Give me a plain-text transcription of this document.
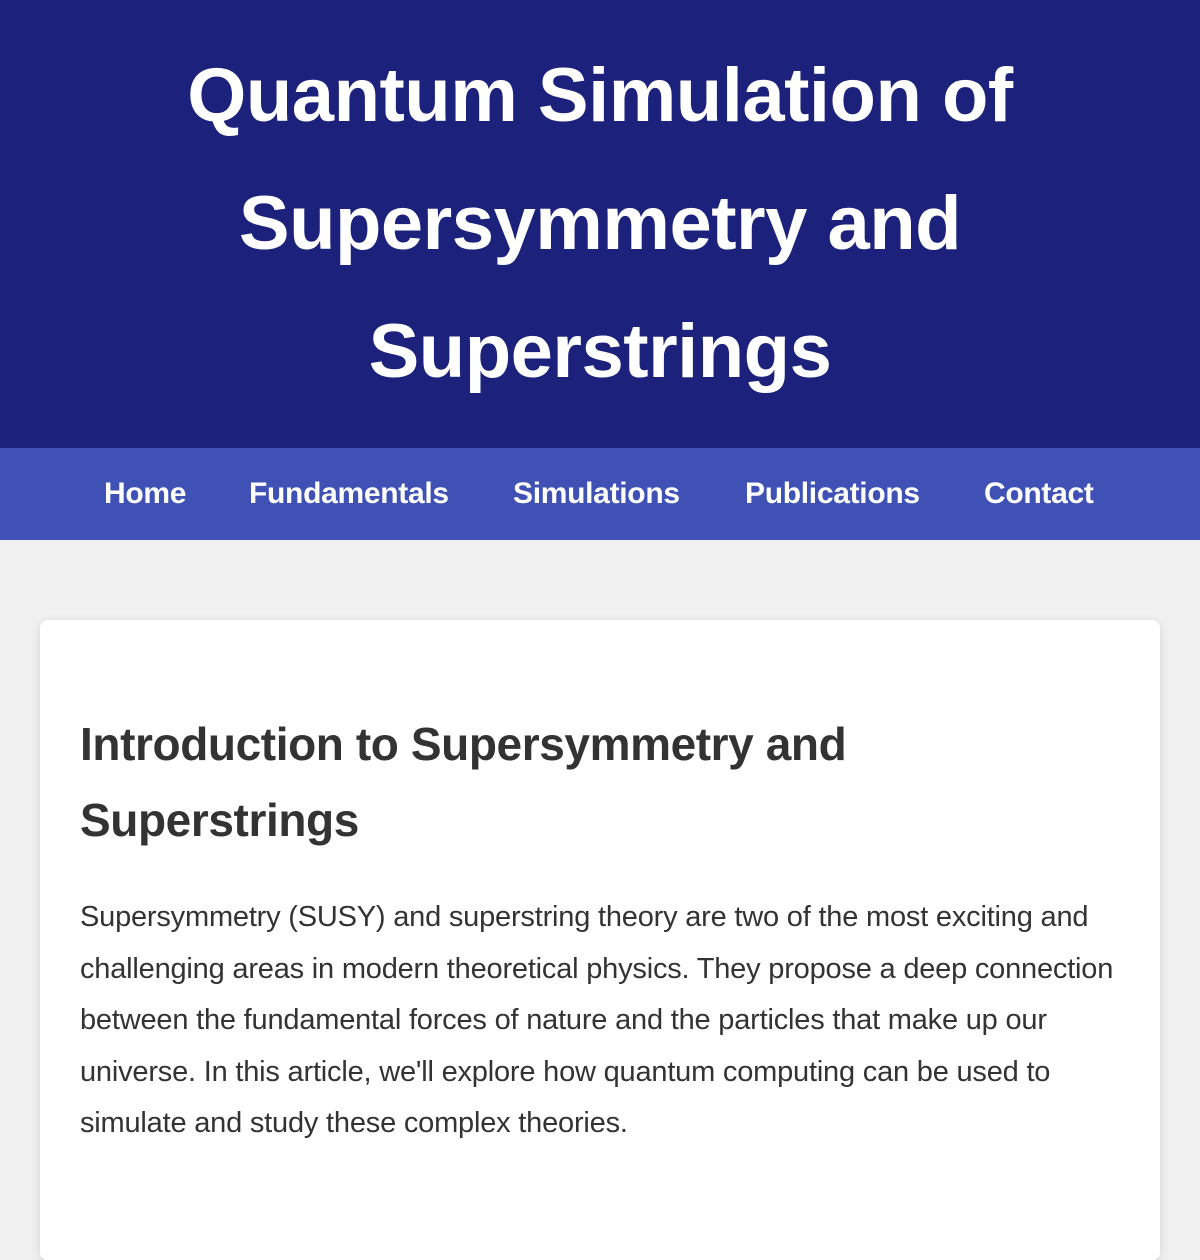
Quantum Simulation of Supersymmetry and Superstrings
Home Fundamentals Simulations Publications Contact
Introduction to Supersymmetry and Superstrings

Supersymmetry (SUSY) and superstring theory are two of the most exciting and challenging areas in modern theoretical physics. They propose a deep connection between the fundamental forces of nature and the particles that make up our universe. In this article, we'll explore how quantum computing can be used to simulate and study these complex theories.
